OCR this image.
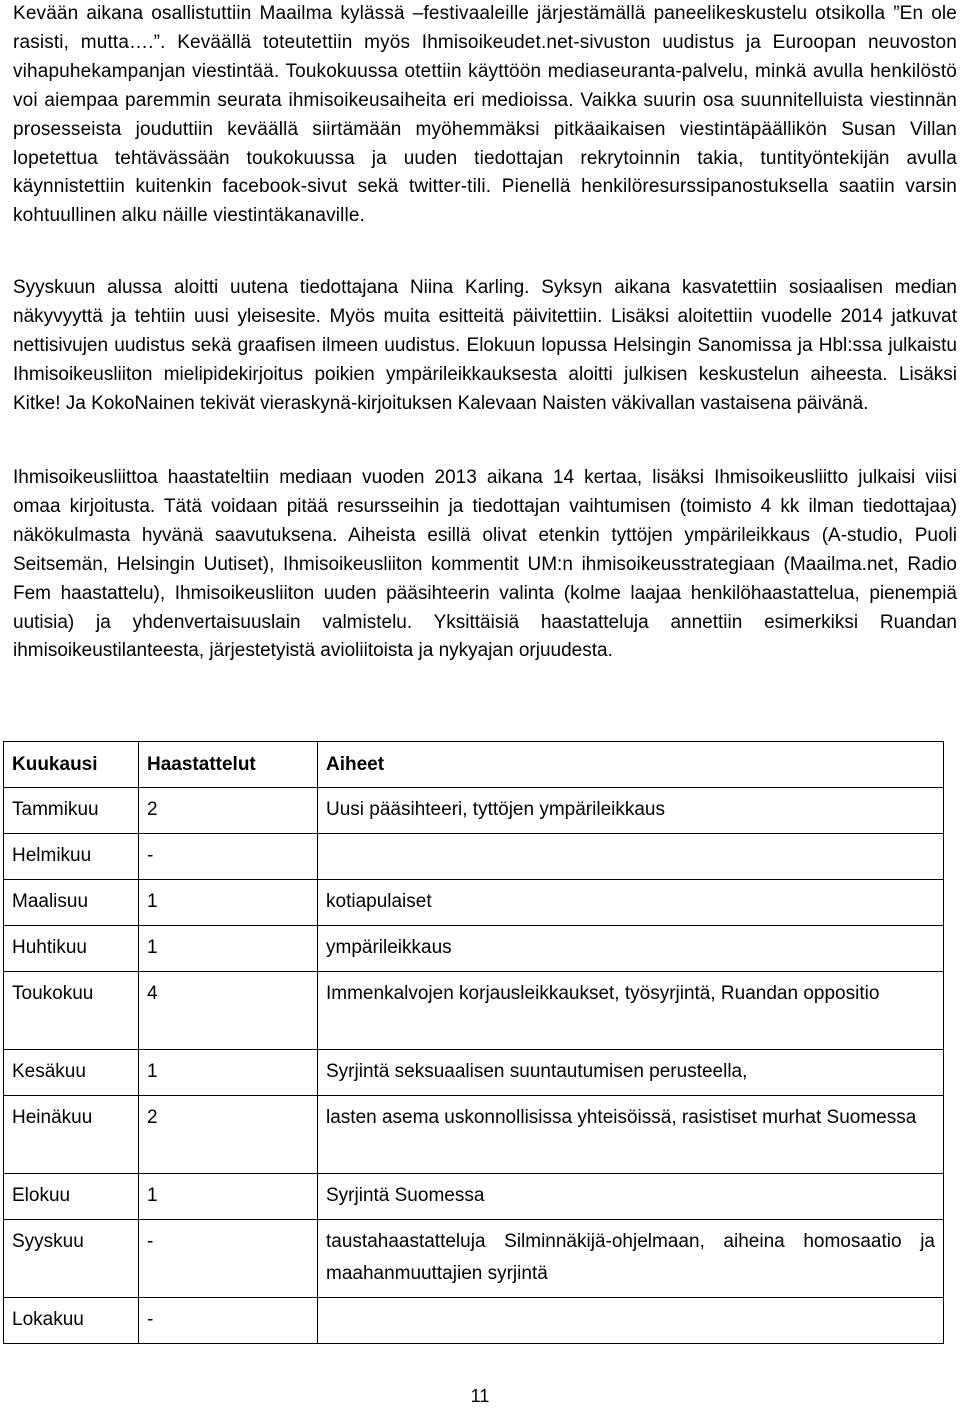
Kevään aikana osallistuttiin Maailma kylässä –festivaaleille järjestämällä paneelikeskustelu otsikolla ”En ole rasisti, mutta….”. Keväällä toteutettiin myös Ihmisoikeudet.net-sivuston uudistus ja Euroopan neuvoston vihapuhekampanjan viestintää. Toukokuussa otettiin käyttöön mediaseuranta-palvelu, minkä avulla henkilöstö voi aiempaa paremmin seurata ihmisoikeusaiheita eri medioissa. Vaikka suurin osa suunnitelluista viestinnän prosesseista jouduttiin keväällä siirtämään myöhemmäksi pitkäaikaisen viestintäpäällikön Susan Villan lopetettua tehtävässään toukokuussa ja uuden tiedottajan rekrytoinnin takia, tuntityöntekijän avulla käynnistettiin kuitenkin facebook-sivut sekä twitter-tili. Pienellä henkilöresurssipanostuksella saatiin varsin kohtuullinen alku näille viestintäkanaville.

Syyskuun alussa aloitti uutena tiedottajana Niina Karling. Syksyn aikana kasvatettiin sosiaalisen median näkyvyyttä ja tehtiin uusi yleisesite. Myös muita esitteitä päivitettiin. Lisäksi aloitettiin vuodelle 2014 jatkuvat nettisivujen uudistus sekä graafisen ilmeen uudistus. Elokuun lopussa Helsingin Sanomissa ja Hbl:ssa julkaistu Ihmisoikeusliiton mielipidekirjoitus poikien ympärileikkauksesta aloitti julkisen keskustelun aiheesta. Lisäksi Kitke! Ja KokoNainen tekivät vieraskynä-kirjoituksen Kalevaan Naisten väkivallan vastaisena päivänä.

Ihmisoikeusliittoa haastateltiin mediaan vuoden 2013 aikana 14 kertaa, lisäksi Ihmisoikeusliitto julkaisi viisi omaa kirjoitusta. Tätä voidaan pitää resursseihin ja tiedottajan vaihtumisen (toimisto 4 kk ilman tiedottajaa) näkökulmasta hyvänä saavutuksena. Aiheista esillä olivat etenkin tyttöjen ympärileikkaus (A-studio, Puoli Seitsemän, Helsingin Uutiset), Ihmisoikeusliiton kommentit UM:n ihmisoikeusstrategiaan (Maailma.net, Radio Fem haastattelu), Ihmisoikeusliiton uuden pääsihteerin valinta (kolme laajaa henkilöhaastattelua, pienempiä uutisia) ja yhdenvertaisuuslain valmistelu. Yksittäisiä haastatteluja annettiin esimerkiksi Ruandan ihmisoikeustilanteesta, järjestetyistä avioliitoista ja nykyajan orjuudesta.

Kuukausi	Haastattelut	Aiheet
Tammikuu	2	Uusi pääsihteeri, tyttöjen ympärileikkaus
Helmikuu	-	
Maalisuu	1	kotiapulaiset
Huhtikuu	1	ympärileikkaus
Toukokuu	4	Immenkalvojen korjausleikkaukset, työsyrjintä, Ruandan oppositio
Kesäkuu	1	Syrjintä seksuaalisen suuntautumisen perusteella,
Heinäkuu	2	lasten asema uskonnollisissa yhteisöissä, rasistiset murhat Suomessa
Elokuu	1	Syrjintä Suomessa
Syyskuu	-	taustahaastatteluja Silminnäkijä-ohjelmaan, aiheina homosaatio ja maahanmuuttajien syrjintä
Lokakuu	-	
11
